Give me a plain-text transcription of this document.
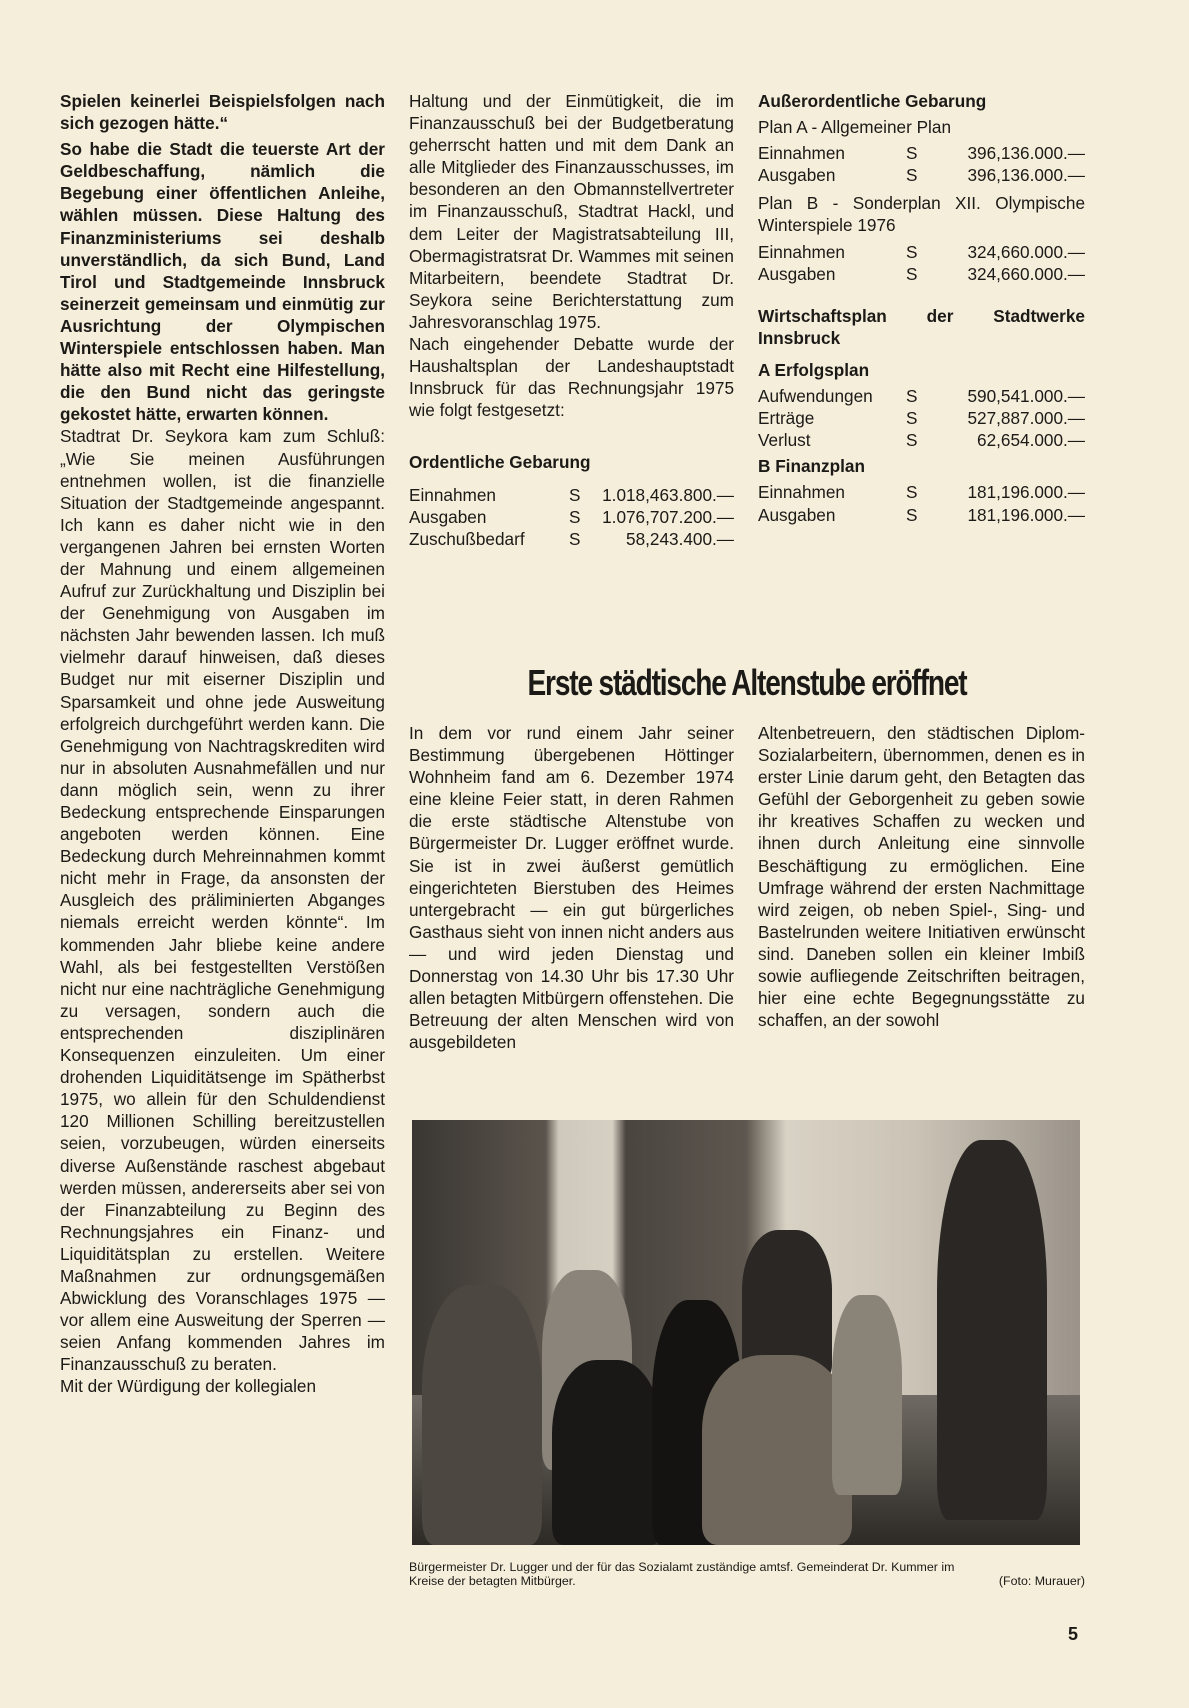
Spielen keinerlei Beispielsfolgen nach sich gezogen hätte.“

So habe die Stadt die teuerste Art der Geldbeschaffung, nämlich die Begebung einer öffentlichen Anleihe, wählen müssen. Diese Haltung des Finanzministeriums sei deshalb unverständlich, da sich Bund, Land Tirol und Stadtgemeinde Innsbruck seinerzeit gemeinsam und einmütig zur Ausrichtung der Olympischen Winterspiele entschlossen haben. Man hätte also mit Recht eine Hilfestellung, die den Bund nicht das geringste gekostet hätte, erwarten können.

Stadtrat Dr. Seykora kam zum Schluß: „Wie Sie meinen Ausführungen entnehmen wollen, ist die finanzielle Situation der Stadtgemeinde angespannt. Ich kann es daher nicht wie in den vergangenen Jahren bei ernsten Worten der Mahnung und einem allgemeinen Aufruf zur Zurückhaltung und Disziplin bei der Genehmigung von Ausgaben im nächsten Jahr bewenden lassen. Ich muß vielmehr darauf hinweisen, daß dieses Budget nur mit eiserner Disziplin und Sparsamkeit und ohne jede Ausweitung erfolgreich durchgeführt werden kann. Die Genehmigung von Nachtragskrediten wird nur in absoluten Ausnahmefällen und nur dann möglich sein, wenn zu ihrer Bedeckung entsprechende Einsparungen angeboten werden können. Eine Bedeckung durch Mehreinnahmen kommt nicht mehr in Frage, da ansonsten der Ausgleich des präliminierten Abganges niemals erreicht werden könnte“. Im kommenden Jahr bliebe keine andere Wahl, als bei festgestellten Verstößen nicht nur eine nachträgliche Genehmigung zu versagen, sondern auch die entsprechenden disziplinären Konsequenzen einzuleiten. Um einer drohenden Liquiditätsenge im Spätherbst 1975, wo allein für den Schuldendienst 120 Millionen Schilling bereitzustellen seien, vorzubeugen, würden einerseits diverse Außenstände raschest abgebaut werden müssen, andererseits aber sei von der Finanzabteilung zu Beginn des Rechnungsjahres ein Finanz- und Liquiditätsplan zu erstellen. Weitere Maßnahmen zur ordnungsgemäßen Abwicklung des Voranschlages 1975 — vor allem eine Ausweitung der Sperren — seien Anfang kommenden Jahres im Finanzausschuß zu beraten.

Mit der Würdigung der kollegialen

Haltung und der Einmütigkeit, die im Finanzausschuß bei der Budgetberatung geherrscht hatten und mit dem Dank an alle Mitglieder des Finanzausschusses, im besonderen an den Obmannstellvertreter im Finanzausschuß, Stadtrat Hackl, und dem Leiter der Magistratsabteilung III, Obermagistratsrat Dr. Wammes mit seinen Mitarbeitern, beendete Stadtrat Dr. Seykora seine Berichterstattung zum Jahresvoranschlag 1975.

Nach eingehender Debatte wurde der Haushaltsplan der Landeshauptstadt Innsbruck für das Rechnungsjahr 1975 wie folgt festgesetzt:

Ordentliche Gebarung

Einnahmen	S	1.018,463.800.—
Ausgaben	S	1.076,707.200.—
Zuschußbedarf	S	58,243.400.—

Außerordentliche Gebarung

Plan A - Allgemeiner Plan

Einnahmen	S	396,136.000.—
Ausgaben	S	396,136.000.—

Plan B - Sonderplan XII. Olympische Winterspiele 1976

Einnahmen	S	324,660.000.—
Ausgaben	S	324,660.000.—

Wirtschaftsplan der Stadtwerke Innsbruck

A Erfolgsplan

Aufwendungen	S	590,541.000.—
Erträge	S	527,887.000.—
Verlust	S	62,654.000.—

B Finanzplan

Einnahmen	S	181,196.000.—
Ausgaben	S	181,196.000.—
Erste städtische Altenstube eröffnet

In dem vor rund einem Jahr seiner Bestimmung übergebenen Höttinger Wohnheim fand am 6. Dezember 1974 eine kleine Feier statt, in deren Rahmen die erste städtische Altenstube von Bürgermeister Dr. Lugger eröffnet wurde. Sie ist in zwei äußerst gemütlich eingerichteten Bierstuben des Heimes untergebracht — ein gut bürgerliches Gasthaus sieht von innen nicht anders aus — und wird jeden Dienstag und Donnerstag von 14.30 Uhr bis 17.30 Uhr allen betagten Mitbürgern offenstehen. Die Betreuung der alten Menschen wird von ausgebildeten

Altenbetreuern, den städtischen Diplom-Sozialarbeitern, übernommen, denen es in erster Linie darum geht, den Betagten das Gefühl der Geborgenheit zu geben sowie ihr kreatives Schaffen zu wecken und ihnen durch Anleitung eine sinnvolle Beschäftigung zu ermöglichen. Eine Umfrage während der ersten Nachmittage wird zeigen, ob neben Spiel-, Sing- und Bastelrunden weitere Initiativen erwünscht sind. Daneben sollen ein kleiner Imbiß sowie aufliegende Zeitschriften beitragen, hier eine echte Begegnungsstätte zu schaffen, an der sowohl

Bürgermeister Dr. Lugger und der für das Sozialamt zuständige amtsf. Gemeinderat Dr. Kummer im Kreise der betagten Mitbürger.	(Foto: Murauer)
5
